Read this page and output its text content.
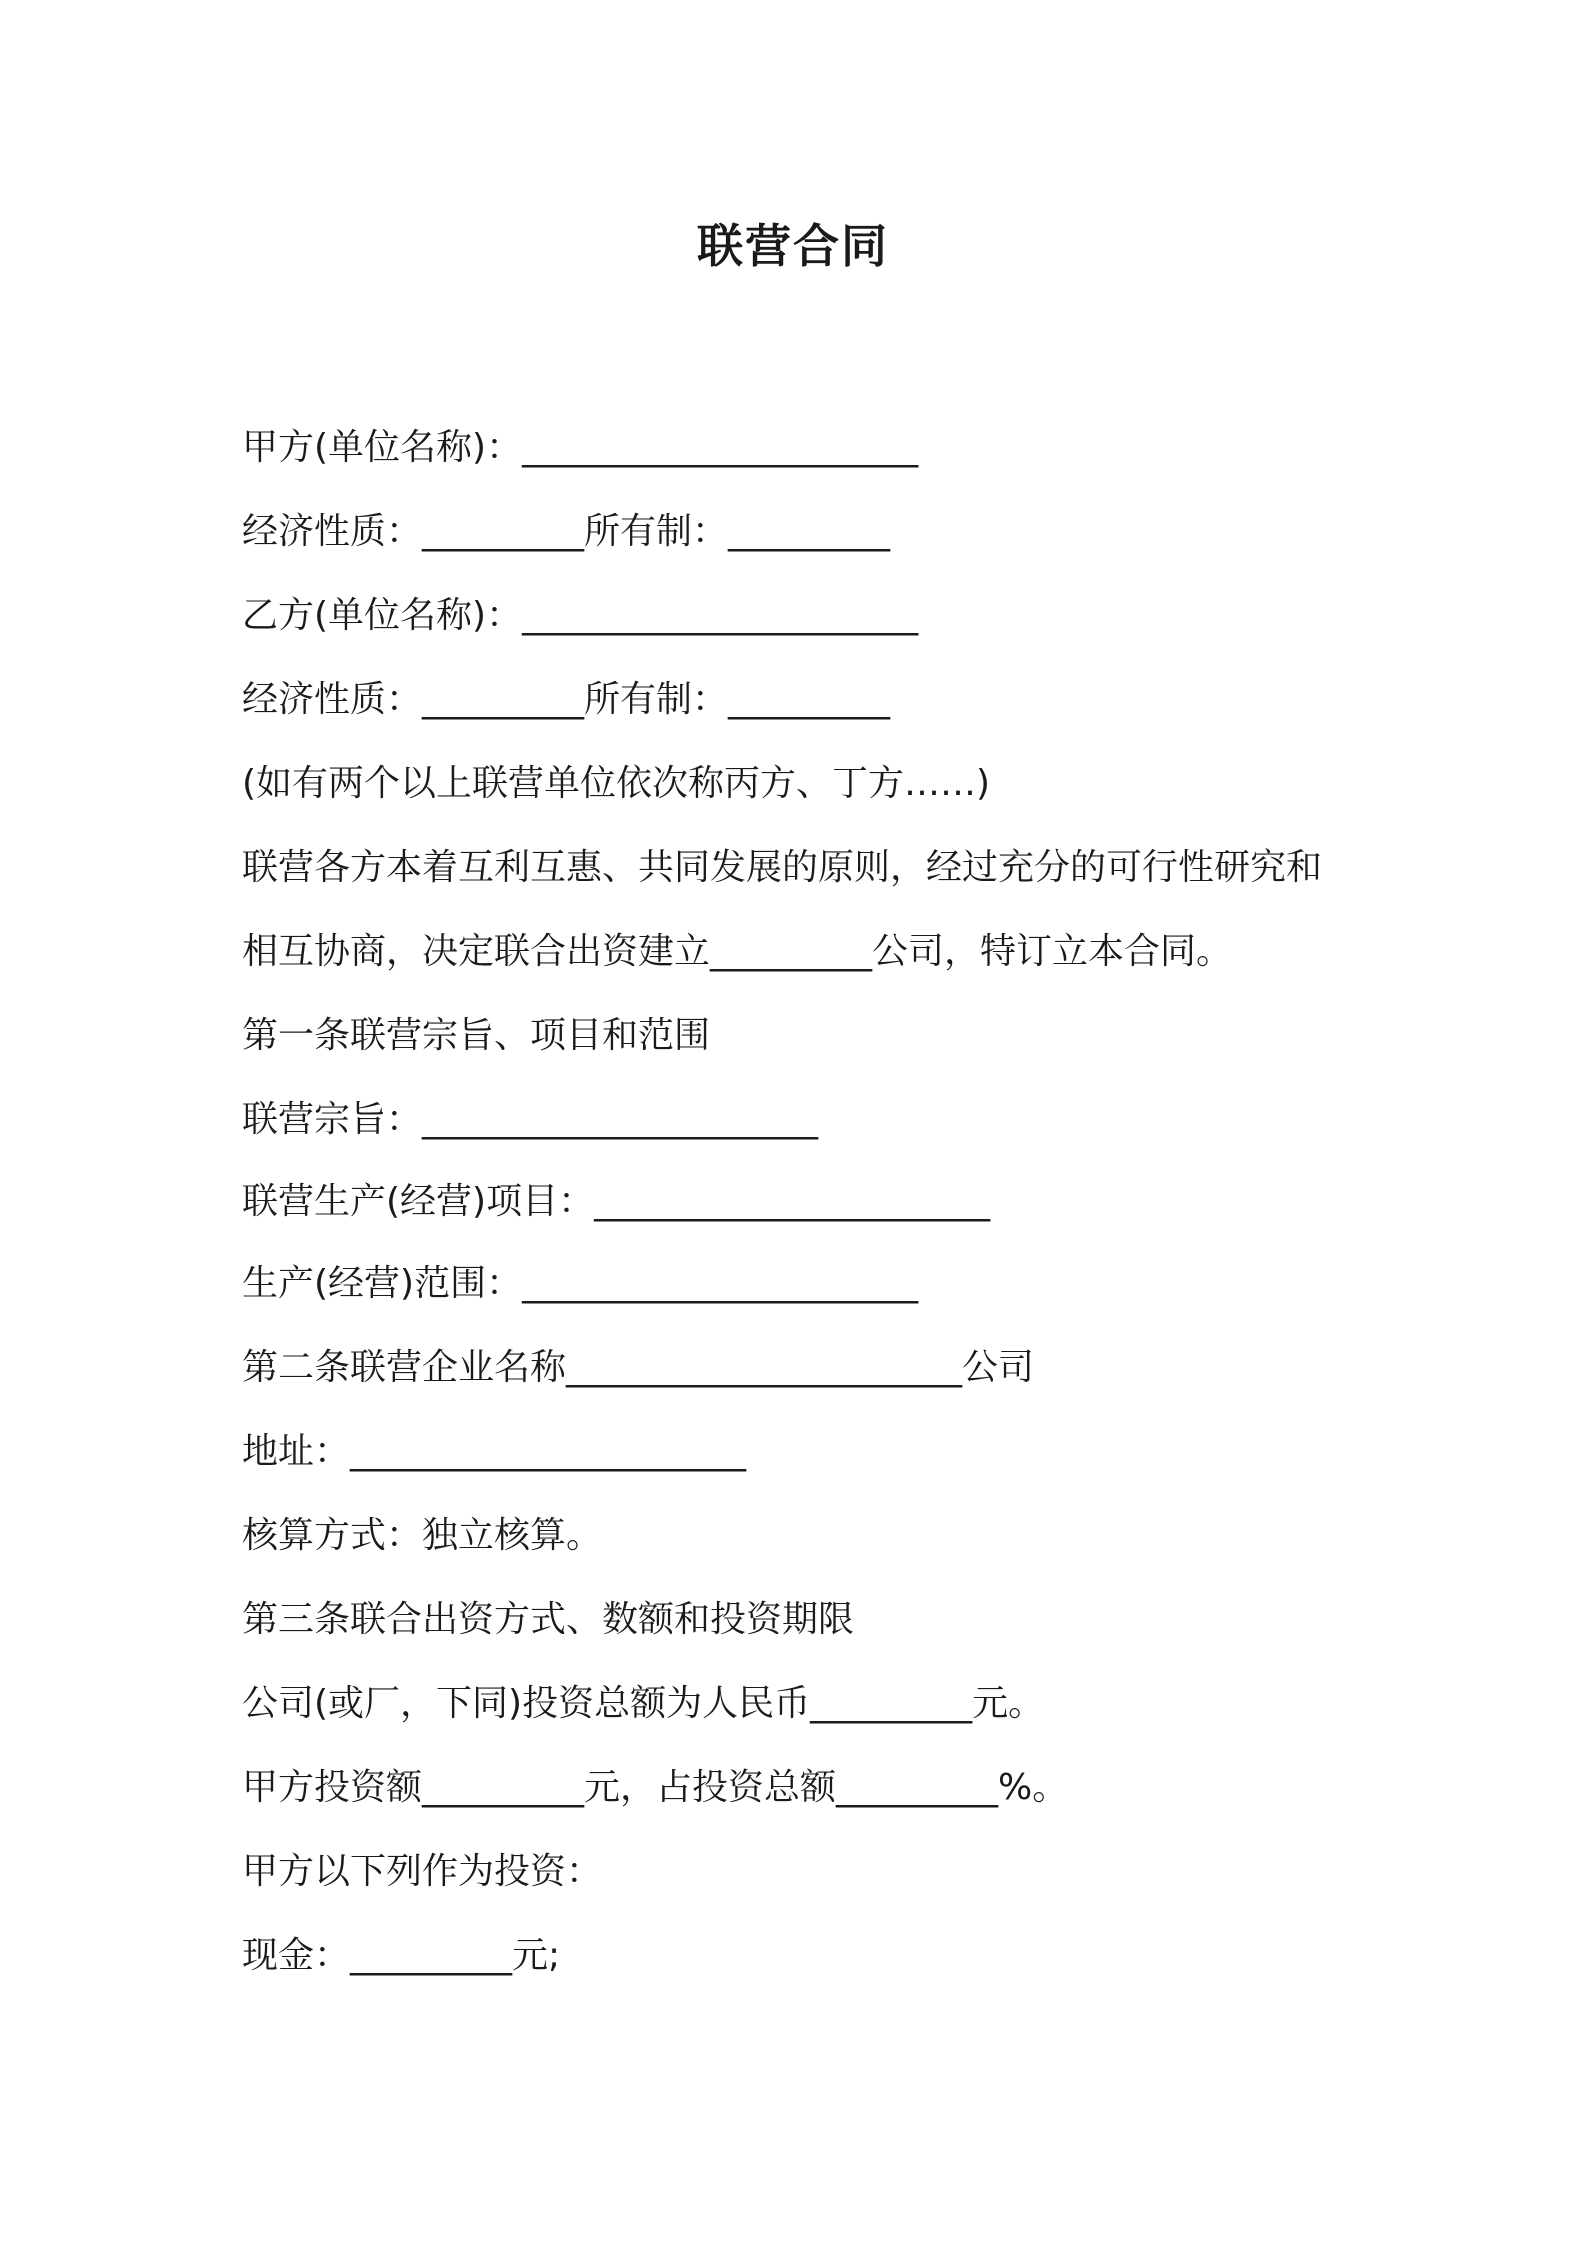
联营合同

甲方(单位名称)：______________________

经济性质：_________所有制：_________

乙方(单位名称)：______________________

经济性质：_________所有制：_________

(如有两个以上联营单位依次称丙方、丁方……)

联营各方本着互利互惠、共同发展的原则，经过充分的可行性研究和

相互协商，决定联合出资建立_________公司，特订立本合同。

第一条联营宗旨、项目和范围

联营宗旨：______________________

联营生产(经营)项目：______________________

生产(经营)范围：______________________

第二条联营企业名称______________________公司

地址：______________________

核算方式：独立核算。

第三条联合出资方式、数额和投资期限

公司(或厂，下同)投资总额为人民币_________元。

甲方投资额_________元，占投资总额_________%。

甲方以下列作为投资：

现金：_________元;
